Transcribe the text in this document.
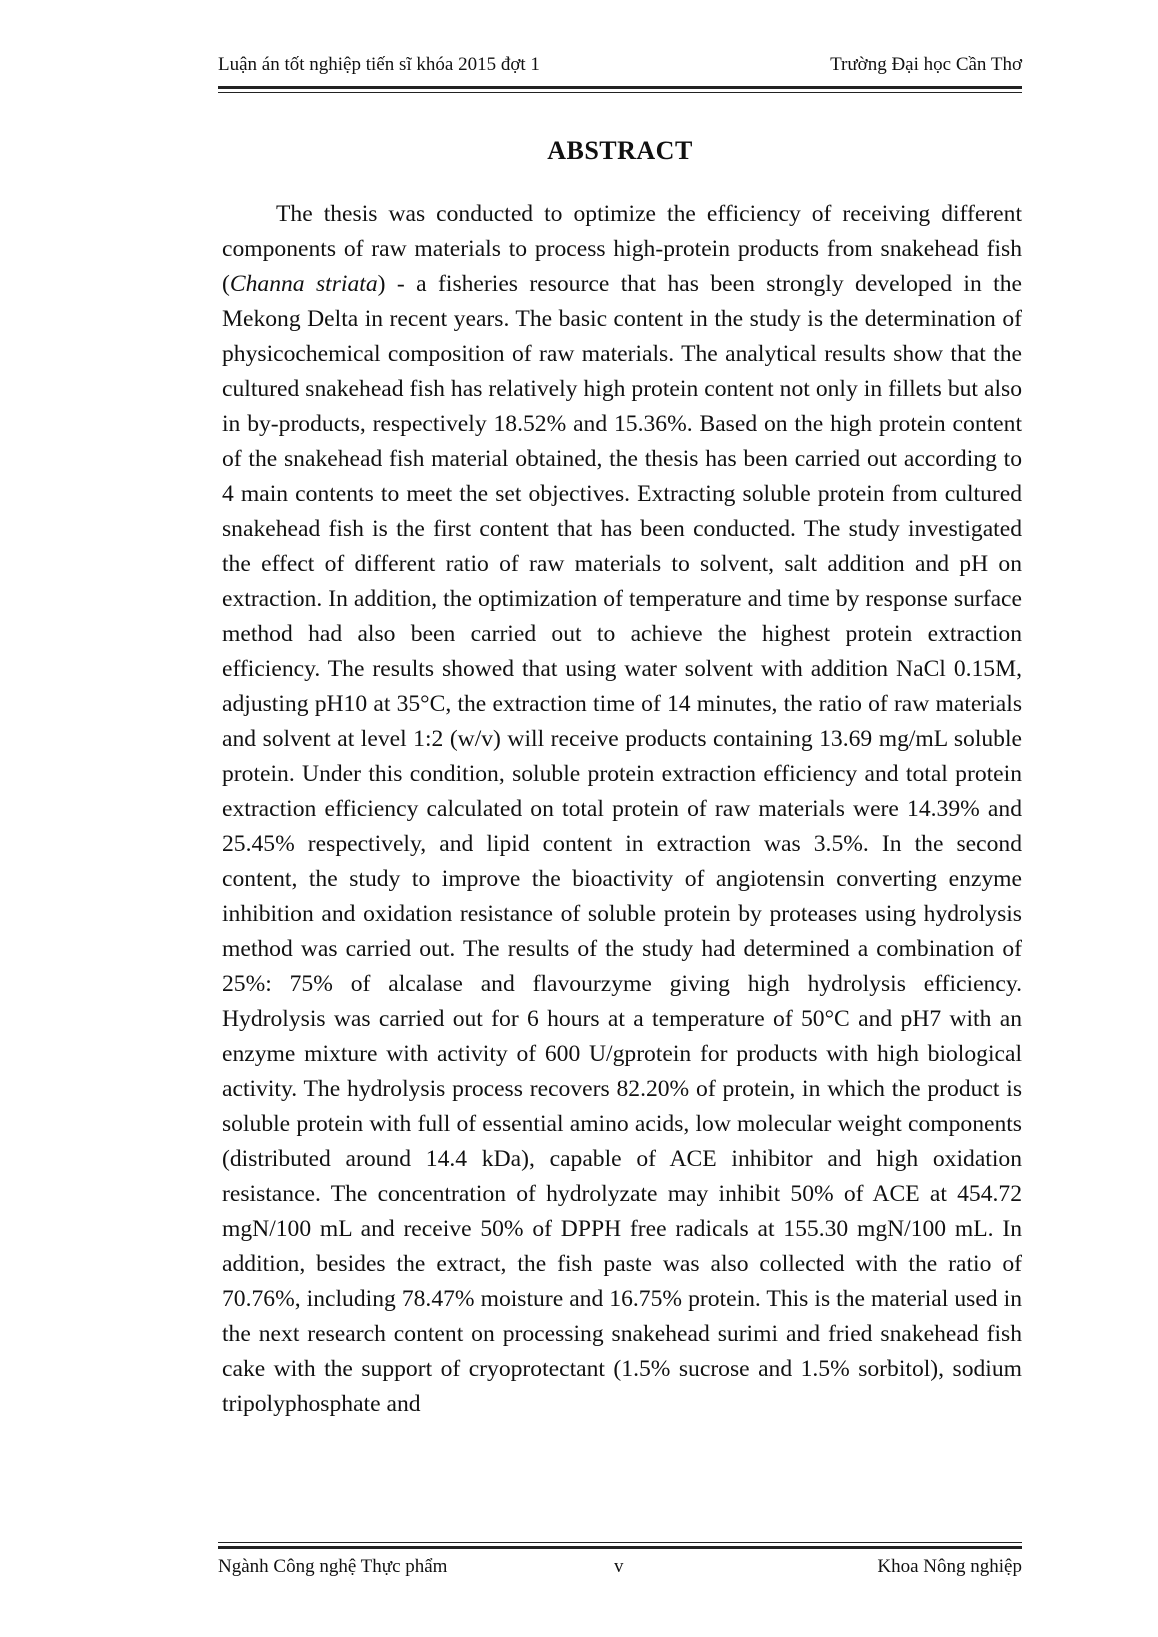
Luận án tốt nghiệp tiến sĩ khóa 2015 đợt 1	Trường Đại học Cần Thơ
ABSTRACT

The thesis was conducted to optimize the efficiency of receiving different components of raw materials to process high-protein products from snakehead fish (Channa striata) - a fisheries resource that has been strongly developed in the Mekong Delta in recent years. The basic content in the study is the determination of physicochemical composition of raw materials. The analytical results show that the cultured snakehead fish has relatively high protein content not only in fillets but also in by-products, respectively 18.52% and 15.36%. Based on the high protein content of the snakehead fish material obtained, the thesis has been carried out according to 4 main contents to meet the set objectives. Extracting soluble protein from cultured snakehead fish is the first content that has been conducted. The study investigated the effect of different ratio of raw materials to solvent, salt addition and pH on extraction. In addition, the optimization of temperature and time by response surface method had also been carried out to achieve the highest protein extraction efficiency. The results showed that using water solvent with addition NaCl 0.15M, adjusting pH10 at 35°C, the extraction time of 14 minutes, the ratio of raw materials and solvent at level 1:2 (w/v) will receive products containing 13.69 mg/mL soluble protein. Under this condition, soluble protein extraction efficiency and total protein extraction efficiency calculated on total protein of raw materials were 14.39% and 25.45% respectively, and lipid content in extraction was 3.5%. In the second content, the study to improve the bioactivity of angiotensin converting enzyme inhibition and oxidation resistance of soluble protein by proteases using hydrolysis method was carried out. The results of the study had determined a combination of 25%: 75% of alcalase and flavourzyme giving high hydrolysis efficiency. Hydrolysis was carried out for 6 hours at a temperature of 50°C and pH7 with an enzyme mixture with activity of 600 U/gprotein for products with high biological activity. The hydrolysis process recovers 82.20% of protein, in which the product is soluble protein with full of essential amino acids, low molecular weight components (distributed around 14.4 kDa), capable of ACE inhibitor and high oxidation resistance. The concentration of hydrolyzate may inhibit 50% of ACE at 454.72 mgN/100 mL and receive 50% of DPPH free radicals at 155.30 mgN/100 mL. In addition, besides the extract, the fish paste was also collected with the ratio of 70.76%, including 78.47% moisture and 16.75% protein. This is the material used in the next research content on processing snakehead surimi and fried snakehead fish cake with the support of cryoprotectant (1.5% sucrose and 1.5% sorbitol), sodium tripolyphosphate and

Ngành Công nghệ Thực phẩm	v	Khoa Nông nghiệp
